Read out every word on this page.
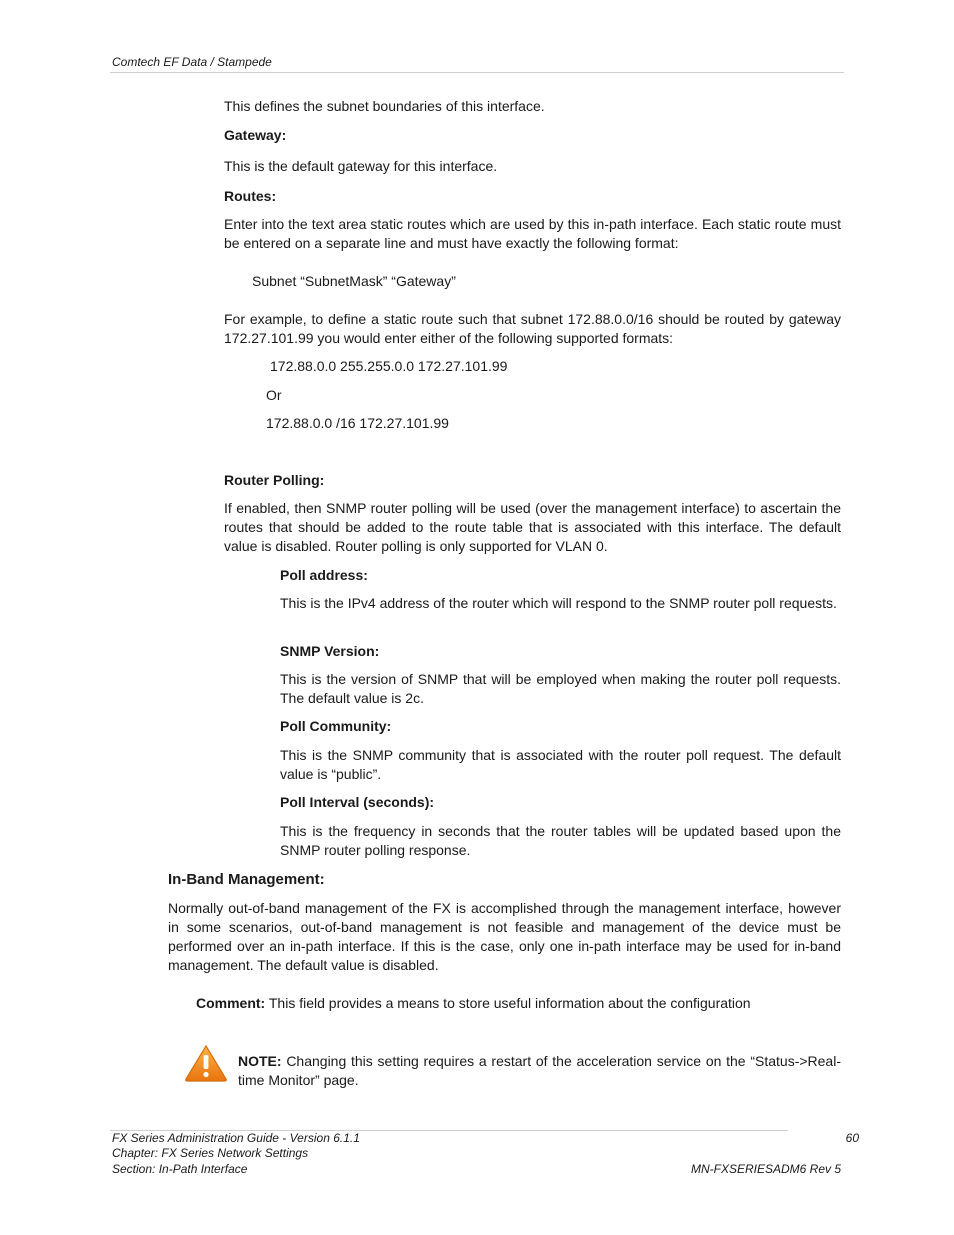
Comtech EF Data / Stampede
This defines the subnet boundaries of this interface.
Gateway:
This is the default gateway for this interface.
Routes:
Enter into the text area static routes which are used by this in-path interface. Each static route must be entered on a separate line and must have exactly the following format:
Subnet “SubnetMask” “Gateway”
For example, to define a static route such that subnet 172.88.0.0/16 should be routed by gateway 172.27.101.99 you would enter either of the following supported formats:
172.88.0.0 255.255.0.0 172.27.101.99
Or
172.88.0.0 /16 172.27.101.99
Router Polling:
If enabled, then SNMP router polling will be used (over the management interface) to ascertain the routes that should be added to the route table that is associated with this interface. The default value is disabled. Router polling is only supported for VLAN 0.
Poll address:
This is the IPv4 address of the router which will respond to the SNMP router poll requests.
SNMP Version:
This is the version of SNMP that will be employed when making the router poll requests. The default value is 2c.
Poll Community:
This is the SNMP community that is associated with the router poll request. The default value is “public”.
Poll Interval (seconds):
This is the frequency in seconds that the router tables will be updated based upon the SNMP router polling response.
In-Band Management:
Normally out-of-band management of the FX is accomplished through the management interface, however in some scenarios, out-of-band management is not feasible and management of the device must be performed over an in-path interface. If this is the case, only one in-path interface may be used for in-band management. The default value is disabled.
Comment: This field provides a means to store useful information about the configuration
NOTE: Changing this setting requires a restart of the acceleration service on the “Status->Real-time Monitor” page.
FX Series Administration Guide - Version 6.1.1
Chapter: FX Series Network Settings
Section: In-Path Interface
60
MN-FXSERIESADM6 Rev 5
